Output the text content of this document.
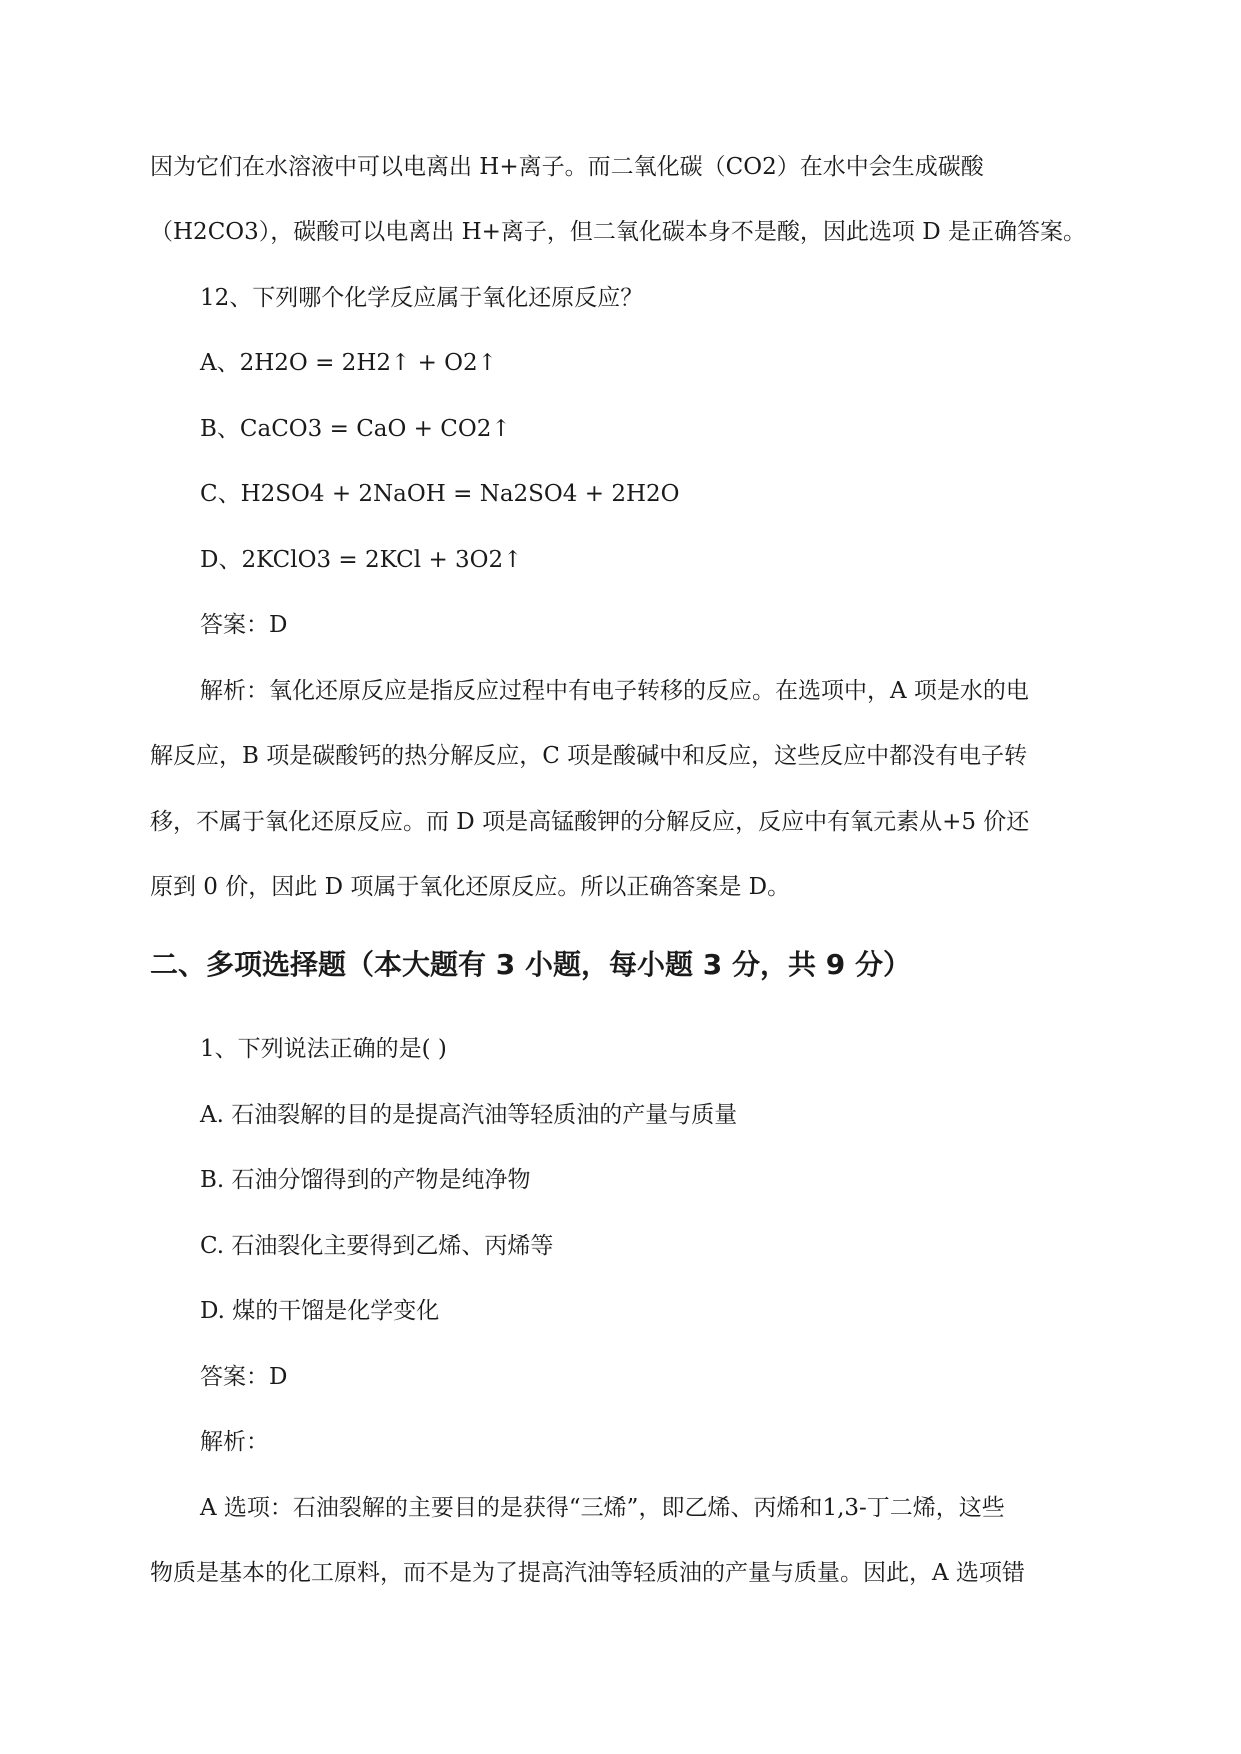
因为它们在水溶液中可以电离出 H+离子。而二氧化碳（CO2）在水中会生成碳酸
（H2CO3），碳酸可以电离出 H+离子，但二氧化碳本身不是酸，因此选项 D 是正确答案。
12、下列哪个化学反应属于氧化还原反应？
A、2H2O = 2H2↑ + O2↑
B、CaCO3 = CaO + CO2↑
C、H2SO4 + 2NaOH = Na2SO4 + 2H2O
D、2KClO3 = 2KCl + 3O2↑
答案：D
解析：氧化还原反应是指反应过程中有电子转移的反应。在选项中，A 项是水的电
解反应，B 项是碳酸钙的热分解反应，C 项是酸碱中和反应，这些反应中都没有电子转
移，不属于氧化还原反应。而 D 项是高锰酸钾的分解反应，反应中有氧元素从+5 价还
原到 0 价，因此 D 项属于氧化还原反应。所以正确答案是 D。
二、多项选择题（本大题有 3 小题，每小题 3 分，共 9 分）
1、下列说法正确的是( )
A. 石油裂解的目的是提高汽油等轻质油的产量与质量
B. 石油分馏得到的产物是纯净物
C. 石油裂化主要得到乙烯、丙烯等
D. 煤的干馏是化学变化
答案：D
解析：
A 选项：石油裂解的主要目的是获得“三烯”，即乙烯、丙烯和1,3-丁二烯，这些
物质是基本的化工原料，而不是为了提高汽油等轻质油的产量与质量。因此，A 选项错
